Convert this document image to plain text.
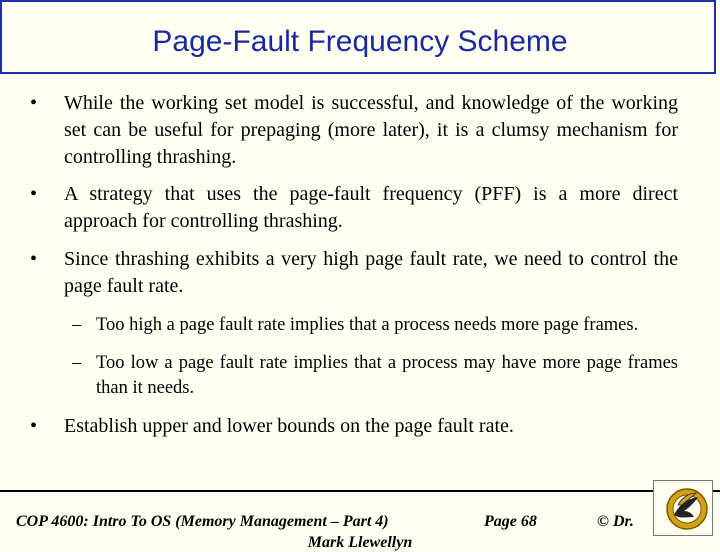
Page-Fault Frequency Scheme
• While the working set model is successful, and knowledge of the working set can be useful for prepaging (more later), it is a clumsy mechanism for controlling thrashing.
• A strategy that uses the page-fault frequency (PFF) is a more direct approach for controlling thrashing.
• Since thrashing exhibits a very high page fault rate, we need to control the page fault rate.
– Too high a page fault rate implies that a process needs more page frames.
– Too low a page fault rate implies that a process may have more page frames than it needs.
• Establish upper and lower bounds on the page fault rate.
COP 4600: Intro To OS (Memory Management – Part 4)	Page 68	© Dr.
Mark Llewellyn
